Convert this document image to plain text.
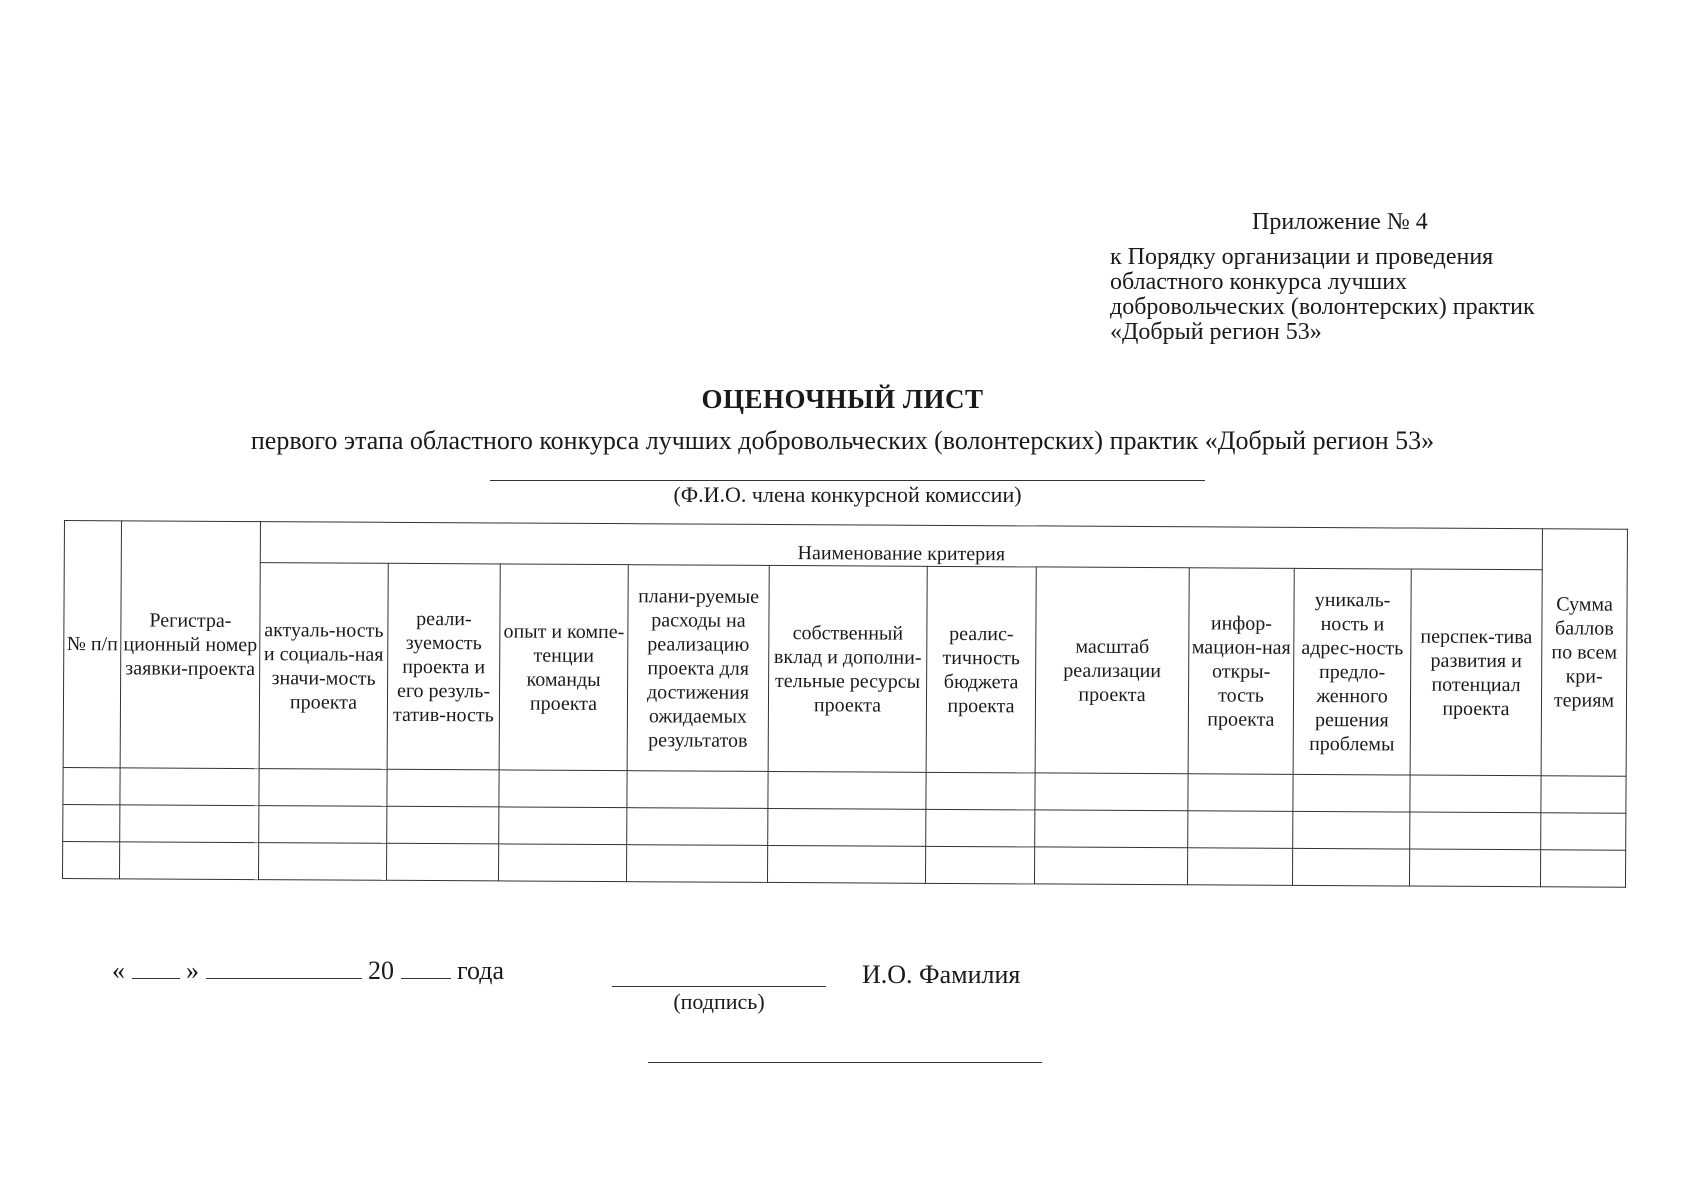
Приложение № 4
к Порядку организации и проведения
областного конкурса лучших
добровольческих (волонтерских) практик
«Добрый регион 53»
ОЦЕНОЧНЫЙ ЛИСТ
первого этапа областного конкурса лучших добровольческих (волонтерских) практик «Добрый регион 53»
(Ф.И.О. члена конкурсной комиссии)
№ п/п	Регистра-ционный номер заявки-проекта	Наименование критерия										Сумма баллов по всем кри-териям
		актуаль-ность и социаль-ная значи-мость проекта	реали-зуемость проекта и его резуль-татив-ность	опыт и компе-тенции команды проекта	плани-руемые расходы на реализацию проекта для достижения ожидаемых результатов	собственный вклад и дополни-тельные ресурсы проекта	реалис-тичность бюджета проекта	масштаб реализации проекта	инфор-мацион-ная откры-тость проекта	уникаль-ность и адрес-ность предло-женного решения проблемы	перспек-тива развития и потенциал проекта	

« »	20 года
(подпись)
И.О. Фамилия
